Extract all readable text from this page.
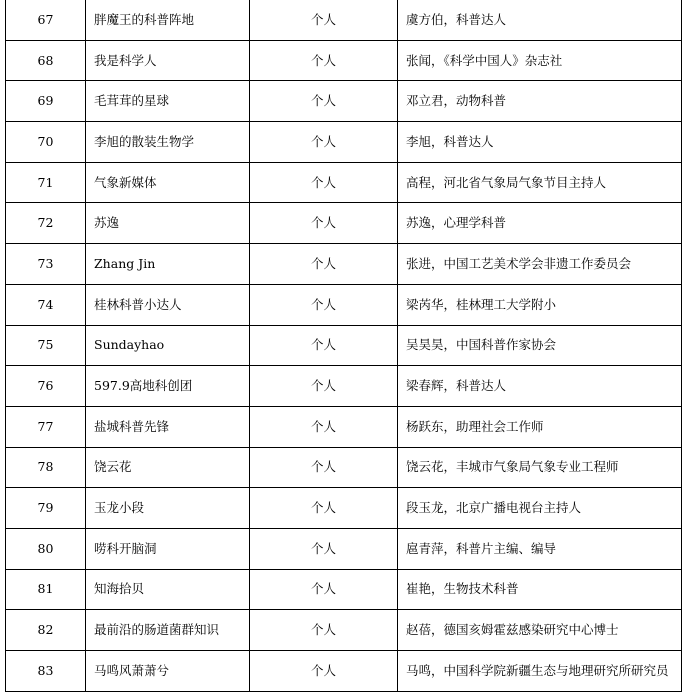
67	胖魔王的科普阵地	个人	虞方伯，科普达人
68	我是科学人	个人	张闻，《科学中国人》杂志社
69	毛茸茸的星球	个人	邓立君，动物科普
70	李旭的散装生物学	个人	李旭，科普达人
71	气象新媒体	个人	高程，河北省气象局气象节目主持人
72	苏逸	个人	苏逸，心理学科普
73	Zhang Jin	个人	张进，中国工艺美术学会非遗工作委员会
74	桂林科普小达人	个人	梁芮华，桂林理工大学附小
75	Sundayhao	个人	吴昊昊，中国科普作家协会
76	597.9高地科创团	个人	梁春辉，科普达人
77	盐城科普先锋	个人	杨跃东，助理社会工作师
78	饶云花	个人	饶云花，丰城市气象局气象专业工程师
79	玉龙小段	个人	段玉龙，北京广播电视台主持人
80	唠科开脑洞	个人	扈青萍，科普片主编、编导
81	知海拾贝	个人	崔艳，生物技术科普
82	最前沿的肠道菌群知识	个人	赵蓓，德国亥姆霍兹感染研究中心博士
83	马鸣风萧萧兮	个人	马鸣，中国科学院新疆生态与地理研究所研究员
